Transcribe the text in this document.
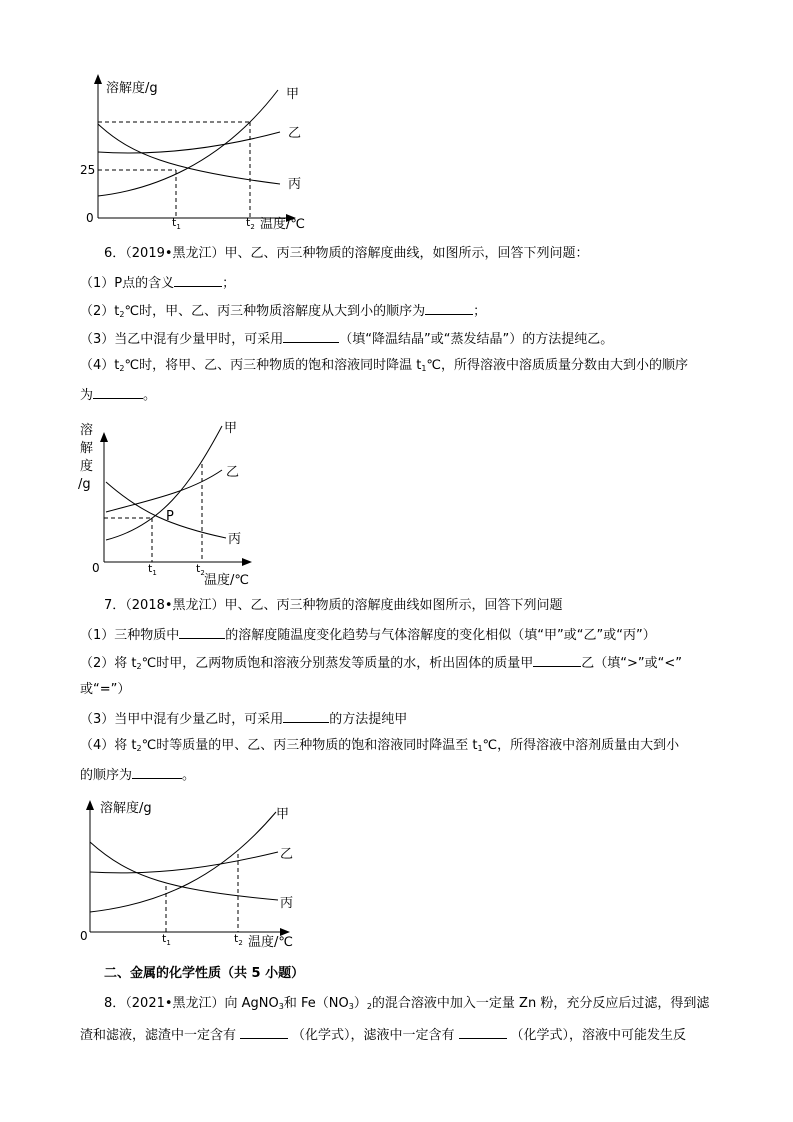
溶解度/g
25
0	$t_1$	$t_2$ 温度/℃
甲
乙
丙
6．（2019•黑龙江）甲、乙、丙三种物质的溶解度曲线，如图所示，回答下列问题：
（1）P点的含义	；
$(2)t_2℃$时，甲、乙、丙三种物质溶解度从大到小的顺序为	；
（3）当乙中混有少量甲时，可采用	（填“降温结晶”或“蒸发结晶”）的方法提纯乙。
$(4)t_2℃$时，将甲、乙、丙三种物质的饱和溶液同时降温 $t_1℃$，所得溶液中溶质质量分数由大到小的顺序
为	。
溶
解
度
/g
P
0	$t_1$	$t_2$ 温度/℃
甲
乙
丙
7．（2018•黑龙江）甲、乙、丙三种物质的溶解度曲线如图所示，回答下列问题
（1）三种物质中	的溶解度随温度变化趋势与气体溶解度的变化相似（填“甲”或“乙”或“丙”）
（2）将 $t_2℃$时甲，乙两物质饱和溶液分别蒸发等质量的水，析出固体的质量甲	乙（填“>”或“<”
或“=”）
（3）当甲中混有少量乙时，可采用	的方法提纯甲
（4）将 $t_2℃$时等质量的甲、乙、丙三种物质的饱和溶液同时降温至 $t_1℃$，所得溶液中溶剂质量由大到小
的顺序为	。
溶解度/g
0	$t_1$	$t_2$ 温度/℃
甲
乙
丙
二、金属的化学性质（共 5 小题）
8．（2021•黑龙江）向 AgNO$_3$和 $Fe(NO_3)_2$的混合溶液中加入一定量 Zn 粉，充分反应后过滤，得到滤
渣和滤液，滤渣中一定含有	（化学式），滤液中一定含有	（化学式），溶液中可能发生反
